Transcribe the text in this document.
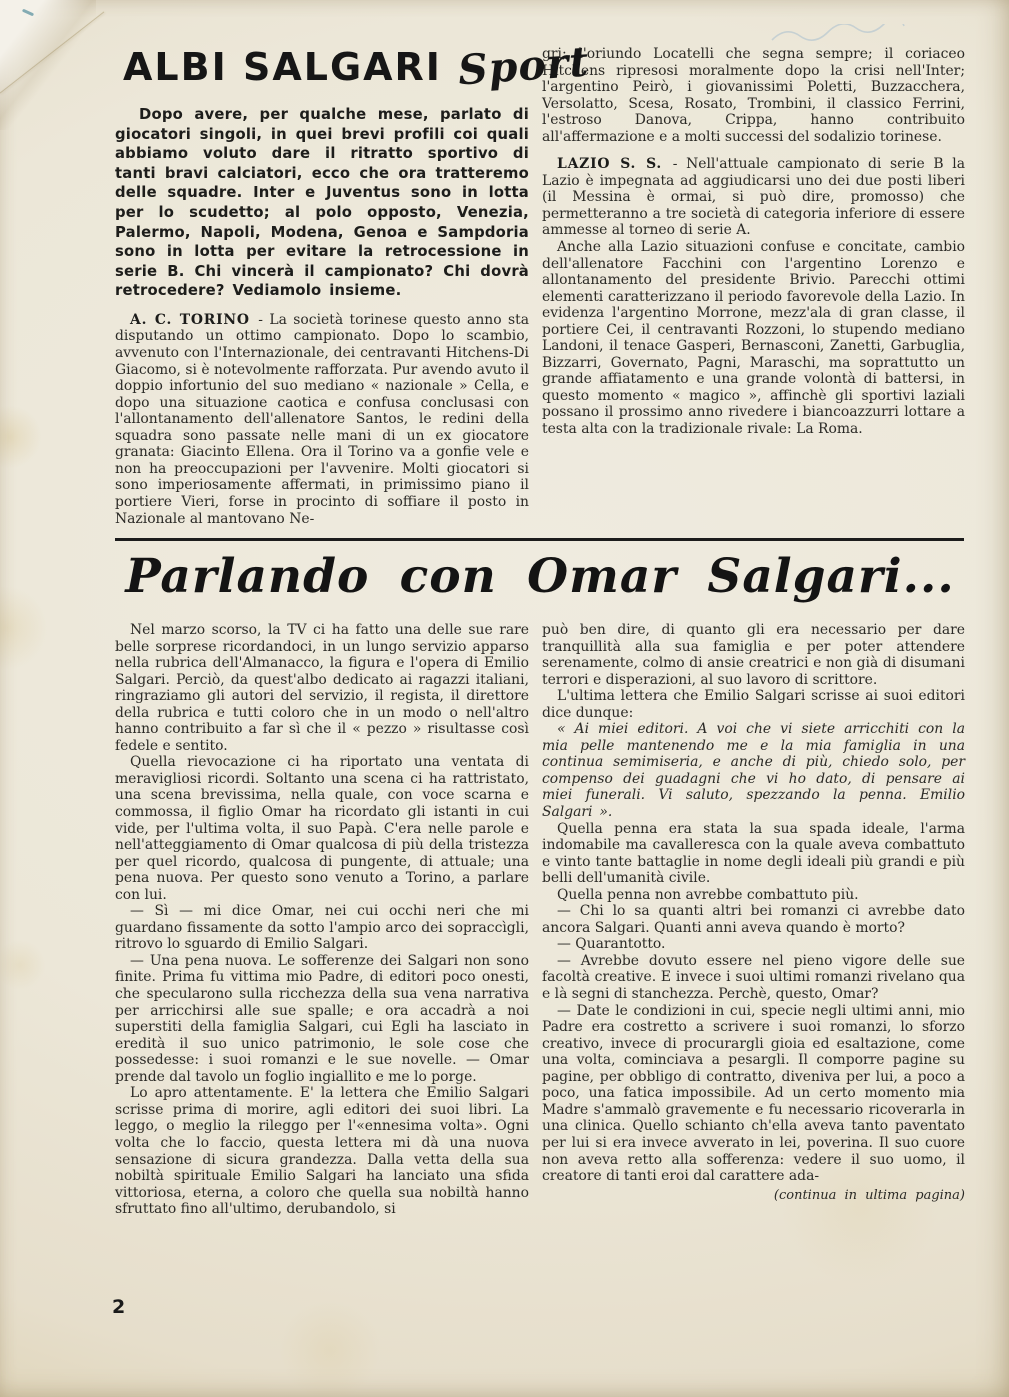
ALBI SALGARI Sport

Dopo avere, per qualche mese, parlato di giocatori singoli, in quei brevi profili coi quali abbiamo voluto dare il ritratto sportivo di tanti bravi calciatori, ecco che ora tratteremo delle squadre. Inter e Juventus sono in lotta per lo scudetto; al polo opposto, Venezia, Palermo, Napoli, Modena, Genoa e Sampdoria sono in lotta per evitare la retrocessione in serie B. Chi vincerà il campionato? Chi dovrà retrocedere? Vediamolo insieme.

A. C. TORINO - La società torinese questo anno sta disputando un ottimo campionato. Dopo lo scambio, avvenuto con l'Internazionale, dei centravanti Hitchens-Di Giacomo, si è notevolmente rafforzata. Pur avendo avuto il doppio infortunio del suo mediano « nazionale » Cella, e dopo una situazione caotica e confusa conclusasi con l'allontanamento dell'allenatore Santos, le redini della squadra sono passate nelle mani di un ex giocatore granata: Giacinto Ellena. Ora il Torino va a gonfie vele e non ha preoccupazioni per l'avvenire. Molti giocatori si sono imperiosamente affermati, in primissimo piano il portiere Vieri, forse in procinto di soffiare il posto in Nazionale al mantovano Ne-

gri; l'oriundo Locatelli che segna sempre; il coriaceo Hitchens ripresosi moralmente dopo la crisi nell'Inter; l'argentino Peirò, i giovanissimi Poletti, Buzzacchera, Versolatto, Scesa, Rosato, Trombini, il classico Ferrini, l'estroso Danova, Crippa, hanno contribuito all'affermazione e a molti successi del sodalizio torinese.

LAZIO S. S. - Nell'attuale campionato di serie B la Lazio è impegnata ad aggiudicarsi uno dei due posti liberi (il Messina è ormai, si può dire, promosso) che permetteranno a tre società di categoria inferiore di essere ammesse al torneo di serie A.

Anche alla Lazio situazioni confuse e concitate, cambio dell'allenatore Facchini con l'argentino Lorenzo e allontanamento del presidente Brivio. Parecchi ottimi elementi caratterizzano il periodo favorevole della Lazio. In evidenza l'argentino Morrone, mezz'ala di gran classe, il portiere Cei, il centravanti Rozzoni, lo stupendo mediano Landoni, il tenace Gasperi, Bernasconi, Zanetti, Garbuglia, Bizzarri, Governato, Pagni, Maraschi, ma soprattutto un grande affiatamento e una grande volontà di battersi, in questo momento « magico », affinchè gli sportivi laziali possano il prossimo anno rivedere i biancoazzurri lottare a testa alta con la tradizionale rivale: La Roma.

Parlando con Omar Salgari...

Nel marzo scorso, la TV ci ha fatto una delle sue rare belle sorprese ricordandoci, in un lungo servizio apparso nella rubrica dell'Almanacco, la figura e l'opera di Emilio Salgari. Perciò, da quest'albo dedicato ai ragazzi italiani, ringraziamo gli autori del servizio, il regista, il direttore della rubrica e tutti coloro che in un modo o nell'altro hanno contribuito a far sì che il « pezzo » risultasse così fedele e sentito.

Quella rievocazione ci ha riportato una ventata di meravigliosi ricordi. Soltanto una scena ci ha rattristato, una scena brevissima, nella quale, con voce scarna e commossa, il figlio Omar ha ricordato gli istanti in cui vide, per l'ultima volta, il suo Papà. C'era nelle parole e nell'atteggiamento di Omar qualcosa di più della tristezza per quel ricordo, qualcosa di pungente, di attuale; una pena nuova. Per questo sono venuto a Torino, a parlare con lui.

— Sì — mi dice Omar, nei cui occhi neri che mi guardano fissamente da sotto l'ampio arco dei sopraccìgli, ritrovo lo sguardo di Emilio Salgari.

— Una pena nuova. Le sofferenze dei Salgari non sono finite. Prima fu vittima mio Padre, di editori poco onesti, che specularono sulla ricchezza della sua vena narrativa per arricchirsi alle sue spalle; e ora accadrà a noi superstiti della famiglia Salgari, cui Egli ha lasciato in eredità il suo unico patrimonio, le sole cose che possedesse: i suoi romanzi e le sue novelle. — Omar prende dal tavolo un foglio ingiallito e me lo porge.

Lo apro attentamente. E' la lettera che Emilio Salgari scrisse prima di morire, agli editori dei suoi libri. La leggo, o meglio la rileggo per l'«ennesima volta». Ogni volta che lo faccio, questa lettera mi dà una nuova sensazione di sicura grandezza. Dalla vetta della sua nobiltà spirituale Emilio Salgari ha lanciato una sfida vittoriosa, eterna, a coloro che quella sua nobiltà hanno sfruttato fino all'ultimo, derubandolo, si

può ben dire, di quanto gli era necessario per dare tranquillità alla sua famiglia e per poter attendere serenamente, colmo di ansie creatrici e non già di disumani terrori e disperazioni, al suo lavoro di scrittore.

L'ultima lettera che Emilio Salgari scrisse ai suoi editori dice dunque:

« Ai miei editori. A voi che vi siete arricchiti con la mia pelle mantenendo me e la mia famiglia in una continua semimiseria, e anche di più, chiedo solo, per compenso dei guadagni che vi ho dato, di pensare ai miei funerali. Vi saluto, spezzando la penna. Emilio Salgari ».

Quella penna era stata la sua spada ideale, l'arma indomabile ma cavalleresca con la quale aveva combattuto e vinto tante battaglie in nome degli ideali più grandi e più belli dell'umanità civile.

Quella penna non avrebbe combattuto più.

— Chi lo sa quanti altri bei romanzi ci avrebbe dato ancora Salgari. Quanti anni aveva quando è morto?

— Quarantotto.

— Avrebbe dovuto essere nel pieno vigore delle sue facoltà creative. E invece i suoi ultimi romanzi rivelano qua e là segni di stanchezza. Perchè, questo, Omar?

— Date le condizioni in cui, specie negli ultimi anni, mio Padre era costretto a scrivere i suoi romanzi, lo sforzo creativo, invece di procurargli gioia ed esaltazione, come una volta, cominciava a pesargli. Il comporre pagine su pagine, per obbligo di contratto, diveniva per lui, a poco a poco, una fatica impossibile. Ad un certo momento mia Madre s'ammalò gravemente e fu necessario ricoverarla in una clinica. Quello schianto ch'ella aveva tanto paventato per lui si era invece avverato in lei, poverina. Il suo cuore non aveva retto alla sofferenza: vedere il suo uomo, il creatore di tanti eroi dal carattere ada-

(continua in ultima pagina)

2
